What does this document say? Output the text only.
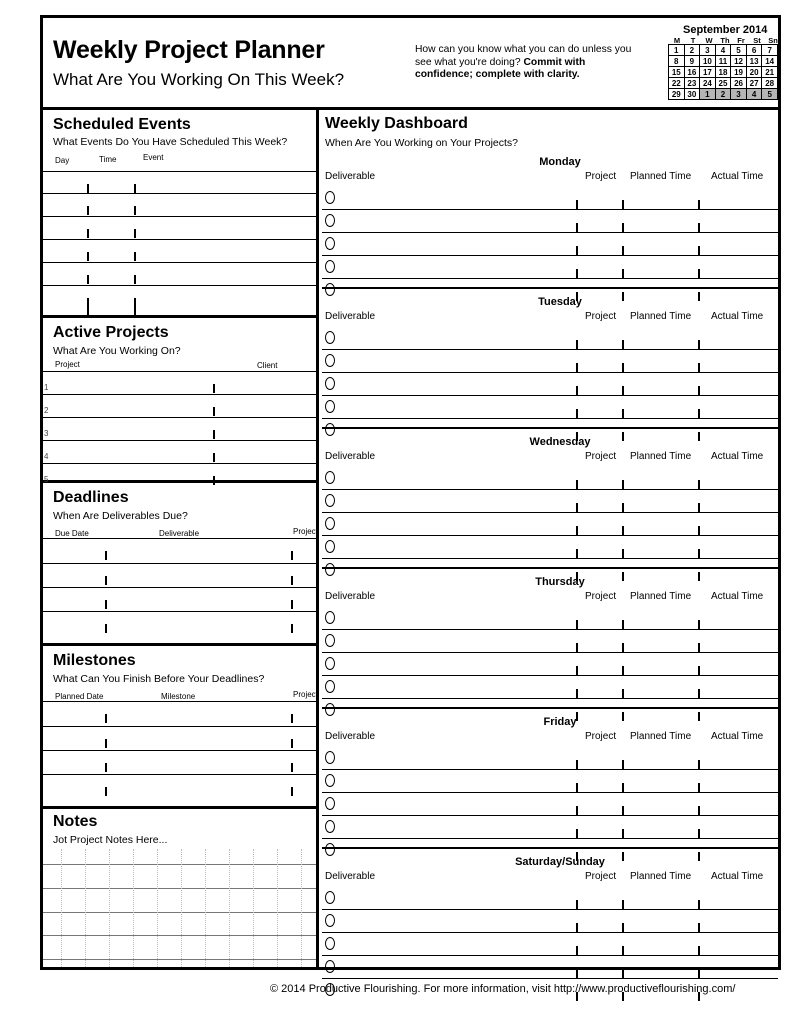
Weekly Project Planner
What Are You Working On This Week?
How can you know what you can do unless you see what you're doing? Commit with confidence; complete with clarity.
September 2014
M	T	W	Th	Fr	St Sn
1	2	3	4	5	6	7
8	9	10	11	12	13	14
15	16	17	18	19	20	21
22	23	24	25	26	27	28
29	30	1	2	3	4	5
Scheduled Events
What Events Do You Have Scheduled This Week?
Day	Time	Event
Active Projects
What Are You Working On?
Project	Client
1
2
3
4
5
Deadlines
When Are Deliverables Due?
Due Date	Deliverable	Project
Milestones
What Can You Finish Before Your Deadlines?
Planned Date	Milestone	Project
Notes
Jot Project Notes Here...
Weekly Dashboard
When Are You Working on Your Projects?
Monday
Deliverable	Project Planned Time Actual Time
Tuesday
Deliverable	Project Planned Time Actual Time
Wednesday
Deliverable	Project Planned Time Actual Time
Thursday
Deliverable	Project Planned Time Actual Time
Friday
Deliverable	Project Planned Time Actual Time
Saturday/Sunday
Deliverable	Project Planned Time Actual Time
© 2014 Productive Flourishing. For more information, visit http://www.productiveflourishing.com/
